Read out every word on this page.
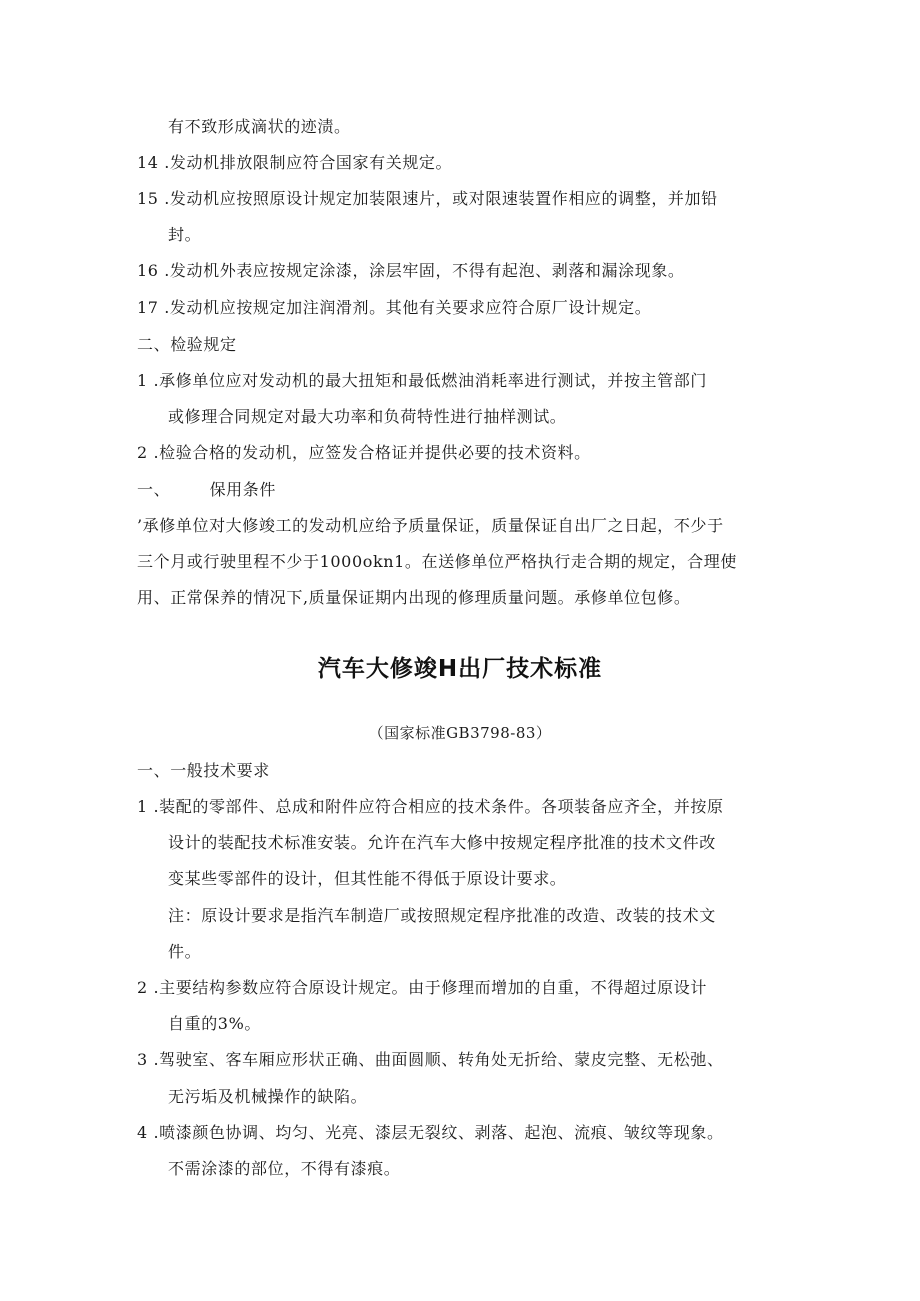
有不致形成滴状的迹渍。
14 .发动机排放限制应符合国家有关规定。
15 .发动机应按照原设计规定加装限速片，或对限速装置作相应的调整，并加铅
封。
16 .发动机外表应按规定涂漆，涂层牢固，不得有起泡、剥落和漏涂现象。
17 .发动机应按规定加注润滑剂。其他有关要求应符合原厂设计规定。
二、检验规定
1 .承修单位应对发动机的最大扭矩和最低燃油消耗率进行测试，并按主管部门
或修理合同规定对最大功率和负荷特性进行抽样测试。
2 .检验合格的发动机，应签发合格证并提供必要的技术资料。
一、 保用条件
’承修单位对大修竣工的发动机应给予质量保证，质量保证自出厂之日起，不少于
三个月或行驶里程不少于1000okn1。在送修单位严格执行走合期的规定，合理使
用、正常保养的情况下,质量保证期内出现的修理质量问题。承修单位包修。
汽车大修竣H出厂技术标准
（国家标准GB3798-83）
一、一般技术要求
1 .装配的零部件、总成和附件应符合相应的技术条件。各项装备应齐全，并按原
设计的装配技术标准安装。允许在汽车大修中按规定程序批准的技术文件改
变某些零部件的设计，但其性能不得低于原设计要求。
注：原设计要求是指汽车制造厂或按照规定程序批准的改造、改装的技术文
件。
2 .主要结构参数应符合原设计规定。由于修理而增加的自重，不得超过原设计
自重的3%。
3 .驾驶室、客车厢应形状正确、曲面圆顺、转角处无折给、蒙皮完整、无松弛、
无污垢及机械操作的缺陷。
4 .喷漆颜色协调、均匀、光亮、漆层无裂纹、剥落、起泡、流痕、皱纹等现象。
不需涂漆的部位，不得有漆痕。
